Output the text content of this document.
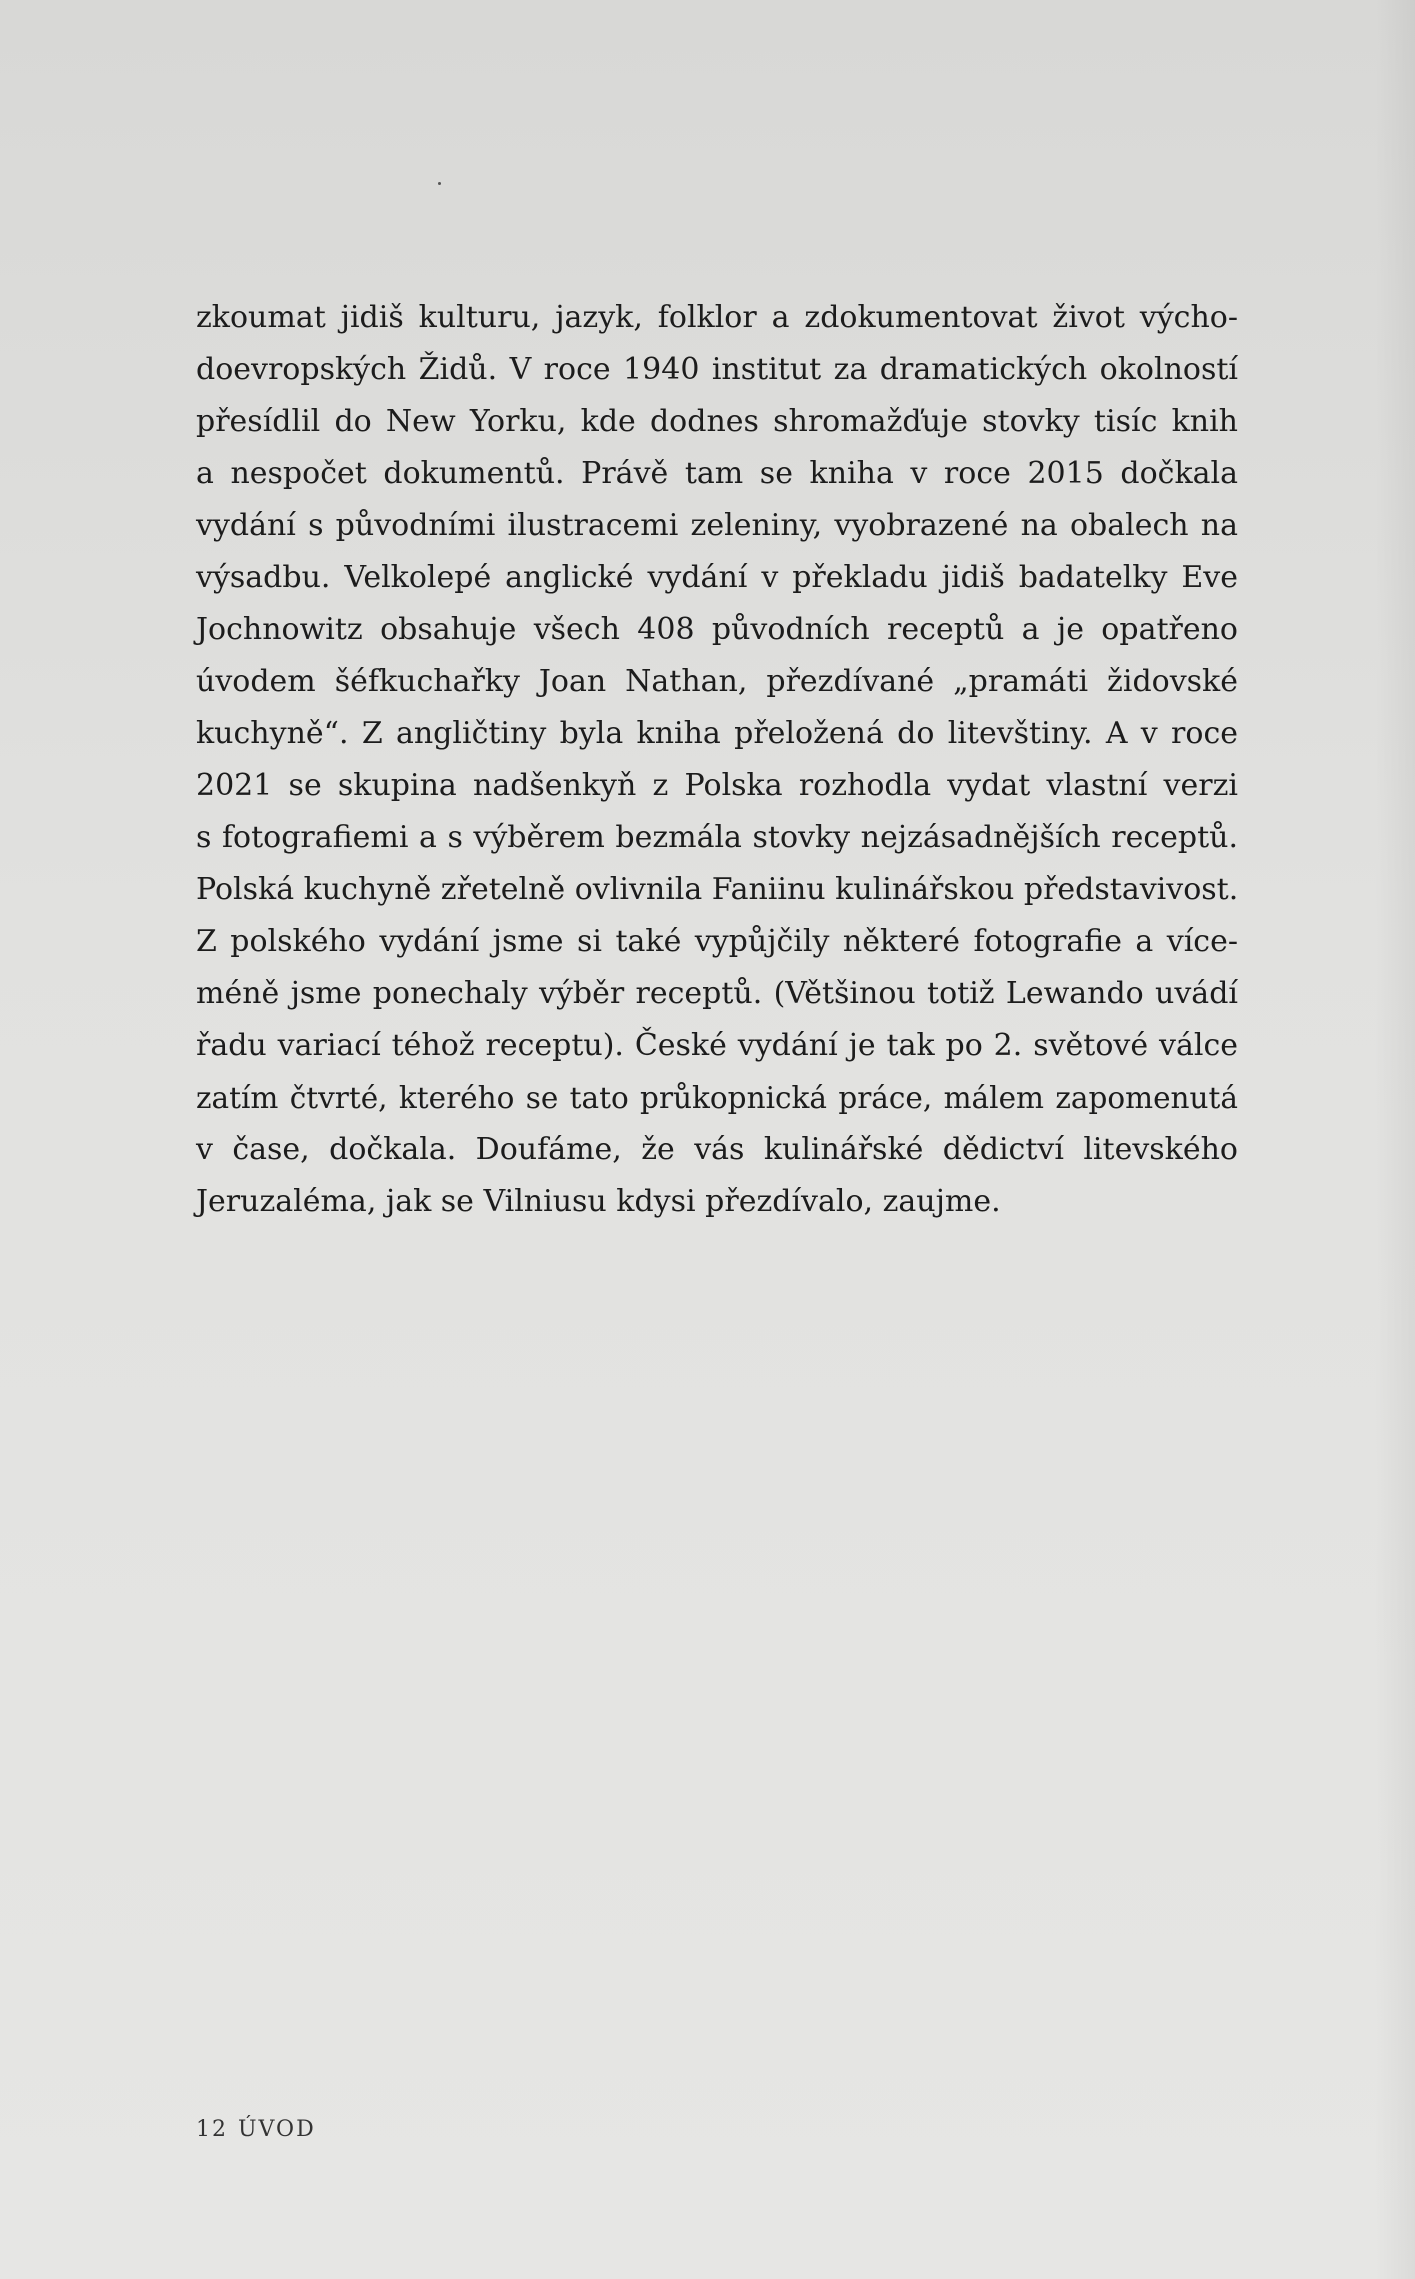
zkoumat jidiš kulturu, jazyk, folklor a zdokumentovat život výcho-
doevropských Židů. V roce 1940 institut za dramatických okolností
přesídlil do New Yorku, kde dodnes shromažďuje stovky tisíc knih
a nespočet dokumentů. Právě tam se kniha v roce 2015 dočkala
vydání s původními ilustracemi zeleniny, vyobrazené na obalech na
výsadbu. Velkolepé anglické vydání v překladu jidiš badatelky Eve
Jochnowitz obsahuje všech 408 původních receptů a je opatřeno
úvodem šéfkuchařky Joan Nathan, přezdívané „pramáti židovské
kuchyně“. Z angličtiny byla kniha přeložená do litevštiny. A v roce
2021 se skupina nadšenkyň z Polska rozhodla vydat vlastní verzi
s fotografiemi a s výběrem bezmála stovky nejzásadnějších receptů.
Polská kuchyně zřetelně ovlivnila Faniinu kulinářskou představivost.
Z polského vydání jsme si také vypůjčily některé fotografie a více-
méně jsme ponechaly výběr receptů. (Většinou totiž Lewando uvádí
řadu variací téhož receptu). České vydání je tak po 2. světové válce
zatím čtvrté, kterého se tato průkopnická práce, málem zapomenutá
v čase, dočkala. Doufáme, že vás kulinářské dědictví litevského
Jeruzaléma, jak se Vilniusu kdysi přezdívalo, zaujme.
12 ÚVOD
